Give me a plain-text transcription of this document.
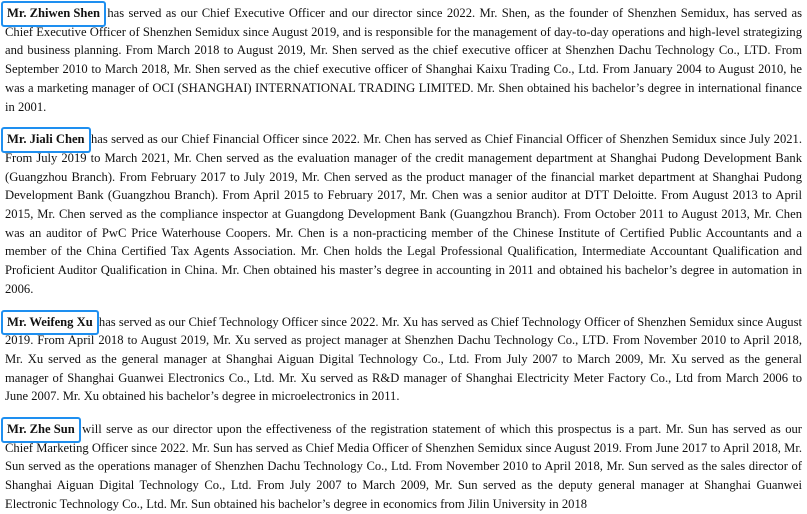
Mr. Zhiwen Shen has served as our Chief Executive Officer and our director since 2022. Mr. Shen, as the founder of Shenzhen Semidux, has served as Chief Executive Officer of Shenzhen Semidux since August 2019, and is responsible for the management of day-to-day operations and high-level strategizing and business planning. From March 2018 to August 2019, Mr. Shen served as the chief executive officer at Shenzhen Dachu Technology Co., LTD. From September 2010 to March 2018, Mr. Shen served as the chief executive officer of Shanghai Kaixu Trading Co., Ltd. From January 2004 to August 2010, he was a marketing manager of OCI (SHANGHAI) INTERNATIONAL TRADING LIMITED. Mr. Shen obtained his bachelor’s degree in international finance in 2001.

Mr. Jiali Chen has served as our Chief Financial Officer since 2022. Mr. Chen has served as Chief Financial Officer of Shenzhen Semidux since July 2021. From July 2019 to March 2021, Mr. Chen served as the evaluation manager of the credit management department at Shanghai Pudong Development Bank (Guangzhou Branch). From February 2017 to July 2019, Mr. Chen served as the product manager of the financial market department at Shanghai Pudong Development Bank (Guangzhou Branch). From April 2015 to February 2017, Mr. Chen was a senior auditor at DTT Deloitte. From August 2013 to April 2015, Mr. Chen served as the compliance inspector at Guangdong Development Bank (Guangzhou Branch). From October 2011 to August 2013, Mr. Chen was an auditor of PwC Price Waterhouse Coopers. Mr. Chen is a non-practicing member of the Chinese Institute of Certified Public Accountants and a member of the China Certified Tax Agents Association. Mr. Chen holds the Legal Professional Qualification, Intermediate Accountant Qualification and Proficient Auditor Qualification in China. Mr. Chen obtained his master’s degree in accounting in 2011 and obtained his bachelor’s degree in automation in 2006.

Mr. Weifeng Xu has served as our Chief Technology Officer since 2022. Mr. Xu has served as Chief Technology Officer of Shenzhen Semidux since August 2019. From April 2018 to August 2019, Mr. Xu served as project manager at Shenzhen Dachu Technology Co., LTD. From November 2010 to April 2018, Mr. Xu served as the general manager at Shanghai Aiguan Digital Technology Co., Ltd. From July 2007 to March 2009, Mr. Xu served as the general manager of Shanghai Guanwei Electronics Co., Ltd. Mr. Xu served as R&D manager of Shanghai Electricity Meter Factory Co., Ltd from March 2006 to June 2007. Mr. Xu obtained his bachelor’s degree in microelectronics in 2011.

Mr. Zhe Sun will serve as our director upon the effectiveness of the registration statement of which this prospectus is a part. Mr. Sun has served as our Chief Marketing Officer since 2022. Mr. Sun has served as Chief Media Officer of Shenzhen Semidux since August 2019. From June 2017 to April 2018, Mr. Sun served as the operations manager of Shenzhen Dachu Technology Co., Ltd. From November 2010 to April 2018, Mr. Sun served as the sales director of Shanghai Aiguan Digital Technology Co., Ltd. From July 2007 to March 2009, Mr. Sun served as the deputy general manager at Shanghai Guanwei Electronic Technology Co., Ltd. Mr. Sun obtained his bachelor’s degree in economics from Jilin University in 2018
